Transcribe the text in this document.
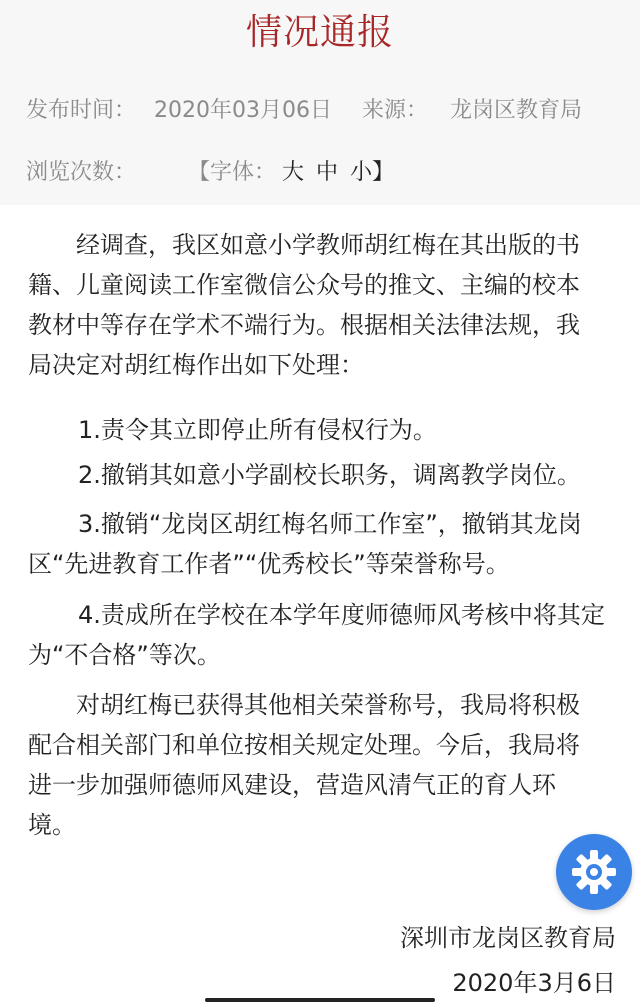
情况通报
发布时间： 2020年03月06日 来源： 龙岗区教育局
浏览次数： 【字体： 大 中 小】
经调查，我区如意小学教师胡红梅在其出版的书
籍、儿童阅读工作室微信公众号的推文、主编的校本
教材中等存在学术不端行为。根据相关法律法规，我
局决定对胡红梅作出如下处理：
1.责令其立即停止所有侵权行为。
2.撤销其如意小学副校长职务，调离教学岗位。
3.撤销“龙岗区胡红梅名师工作室”，撤销其龙岗
区“先进教育工作者”“优秀校长”等荣誉称号。
4.责成所在学校在本学年度师德师风考核中将其定
为“不合格”等次。
对胡红梅已获得其他相关荣誉称号，我局将积极
配合相关部门和单位按相关规定处理。今后，我局将
进一步加强师德师风建设，营造风清气正的育人环
境。
深圳市龙岗区教育局
2020年3月6日
